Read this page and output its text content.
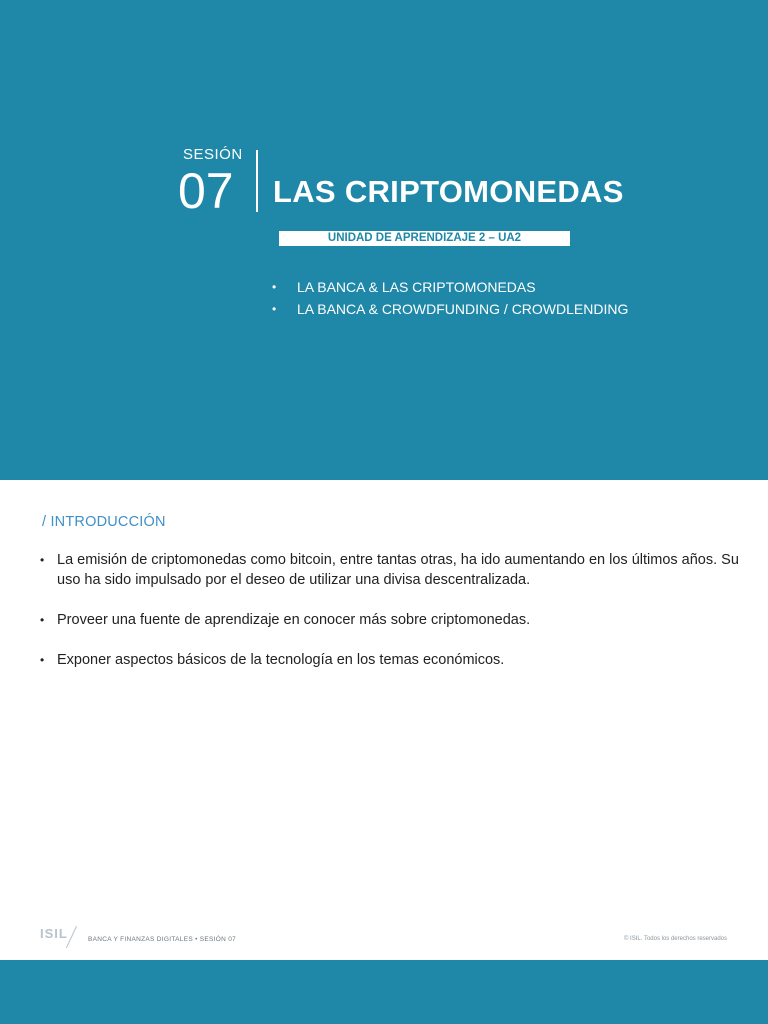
SESIÓN
07 LAS CRIPTOMONEDAS
UNIDAD DE APRENDIZAJE 2 – UA2
•	LA BANCA & LAS CRIPTOMONEDAS
•	LA BANCA & CROWDFUNDING / CROWDLENDING
/ INTRODUCCIÓN
• La emisión de criptomonedas como bitcoin, entre tantas otras, ha ido aumentando en los últimos años. Su uso ha sido impulsado por el deseo de utilizar una divisa descentralizada.
• Proveer una fuente de aprendizaje en conocer más sobre criptomonedas.
• Exponer aspectos básicos de la tecnología en los temas económicos.
ISIL	BANCA Y FINANZAS DIGITALES • SESIÓN 07	© ISIL. Todos los derechos reservados
